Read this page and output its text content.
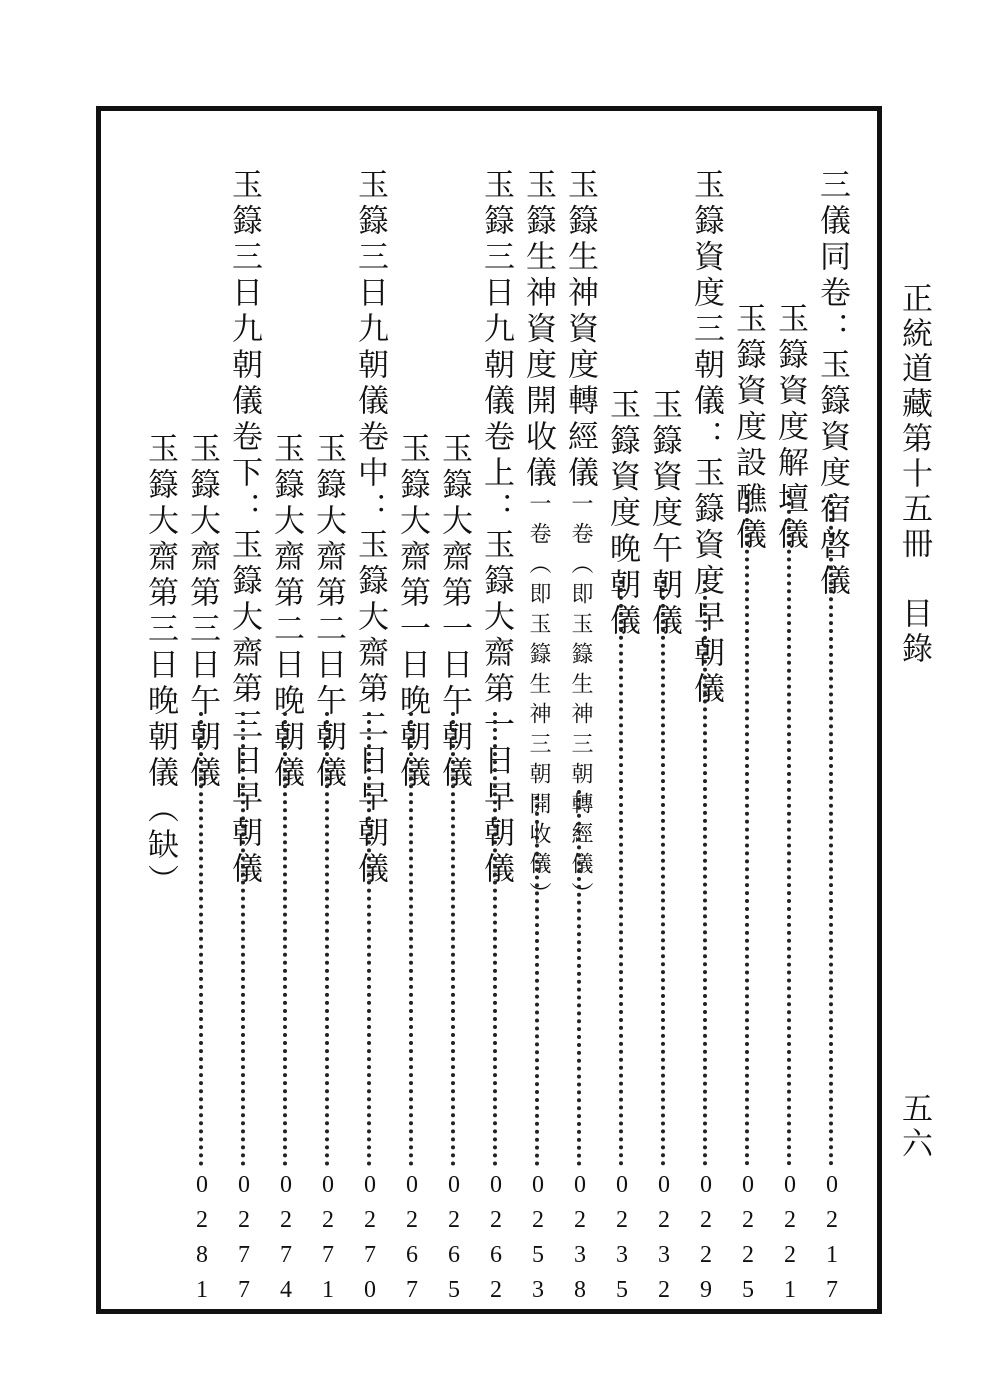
正統道藏第十五冊　目錄
五六
三儀同卷：玉籙資度宿啓儀
0217
玉籙資度解壇儀
0221
玉籙資度設醮儀
0225
玉籙資度三朝儀：玉籙資度早朝儀
0229
玉籙資度午朝儀
0232
玉籙資度晚朝儀
0235
玉籙生神資度轉經儀一卷（即玉籙生神三朝轉經儀）
0238
玉籙生神資度開收儀一卷（即玉籙生神三朝開收儀）
0253
玉籙三日九朝儀卷上：玉籙大齋第一日早朝儀
0262
玉籙大齋第一日午朝儀
0265
玉籙大齋第一日晚朝儀
0267
玉籙三日九朝儀卷中：玉籙大齋第二日早朝儀
0270
玉籙大齋第二日午朝儀
0271
玉籙大齋第二日晚朝儀
0274
玉籙三日九朝儀卷下：玉籙大齋第三日早朝儀
0277
玉籙大齋第三日午朝儀
0281
玉籙大齋第三日晚朝儀（缺）
